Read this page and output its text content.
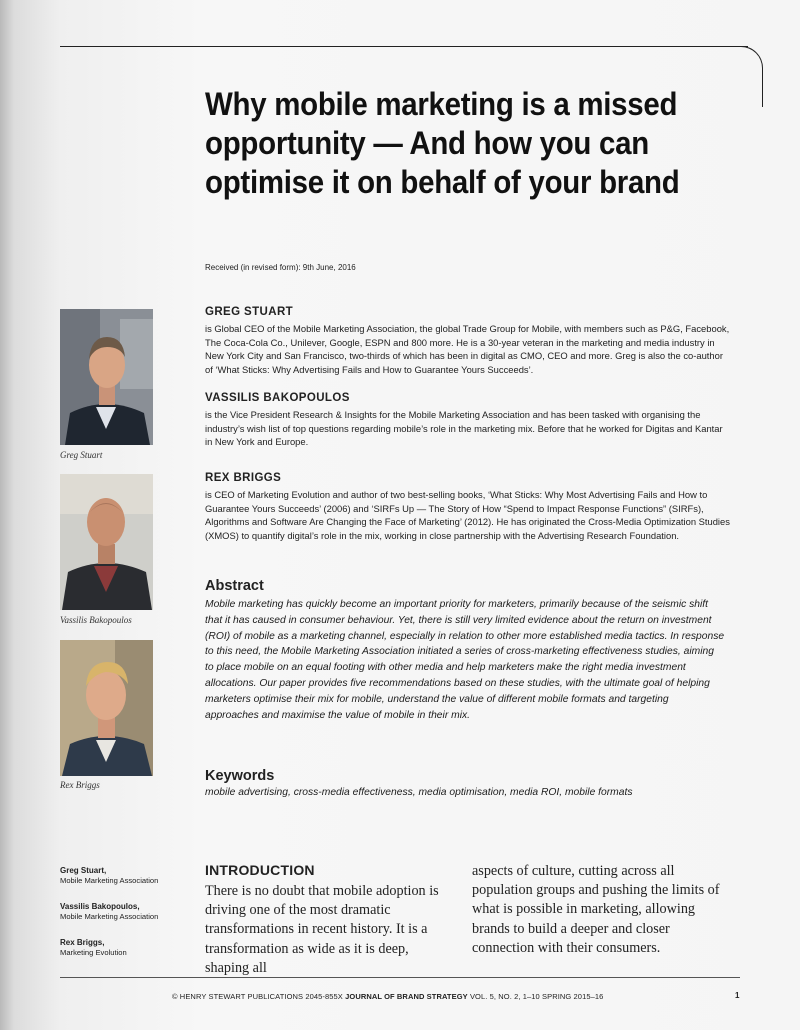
Why mobile marketing is a missed opportunity — And how you can optimise it on behalf of your brand
Received (in revised form): 9th June, 2016
Greg Stuart
Vassilis Bakopoulos
Rex Briggs
GREG STUART

is Global CEO of the Mobile Marketing Association, the global Trade Group for Mobile, with members such as P&G, Facebook, The Coca-Cola Co., Unilever, Google, ESPN and 800 more. He is a 30-year veteran in the marketing and media industry in New York City and San Francisco, two-thirds of which has been in digital as CMO, CEO and more. Greg is also the co-author of ‘What Sticks: Why Advertising Fails and How to Guarantee Yours Succeeds’.

VASSILIS BAKOPOULOS

is the Vice President Research & Insights for the Mobile Marketing Association and has been tasked with organising the industry’s wish list of top questions regarding mobile’s role in the marketing mix. Before that he worked for Digitas and Kantar in New York and Europe.

REX BRIGGS

is CEO of Marketing Evolution and author of two best-selling books, ‘What Sticks: Why Most Advertising Fails and How to Guarantee Yours Succeeds’ (2006) and ‘SIRFs Up — The Story of How “Spend to Impact Response Functions” (SIRFs), Algorithms and Software Are Changing the Face of Marketing’ (2012). He has originated the Cross-Media Optimization Studies (XMOS) to quantify digital’s role in the mix, working in close partnership with the Advertising Research Foundation.

Abstract

Mobile marketing has quickly become an important priority for marketers, primarily because of the seismic shift that it has caused in consumer behaviour. Yet, there is still very limited evidence about the return on investment (ROI) of mobile as a marketing channel, especially in relation to other more established media tactics. In response to this need, the Mobile Marketing Association initiated a series of cross-marketing effectiveness studies, aiming to place mobile on an equal footing with other media and help marketers make the right media investment allocations. Our paper provides five recommendations based on these studies, with the ultimate goal of helping marketers optimise their mix for mobile, understand the value of different mobile formats and targeting approaches and maximise the value of mobile in their mix.

Keywords

mobile advertising, cross-media effectiveness, media optimisation, media ROI, mobile formats

Greg Stuart,
Mobile Marketing Association
Vassilis Bakopoulos,
Mobile Marketing Association
Rex Briggs,
Marketing Evolution
INTRODUCTION

There is no doubt that mobile adoption is driving one of the most dramatic transformations in recent history. It is a transformation as wide as it is deep, shaping all

aspects of culture, cutting across all population groups and pushing the limits of what is possible in marketing, allowing brands to build a deeper and closer connection with their consumers.

© HENRY STEWART PUBLICATIONS 2045-855X JOURNAL OF BRAND STRATEGY VOL. 5, NO. 2, 1–10 SPRING 2015–16	1
